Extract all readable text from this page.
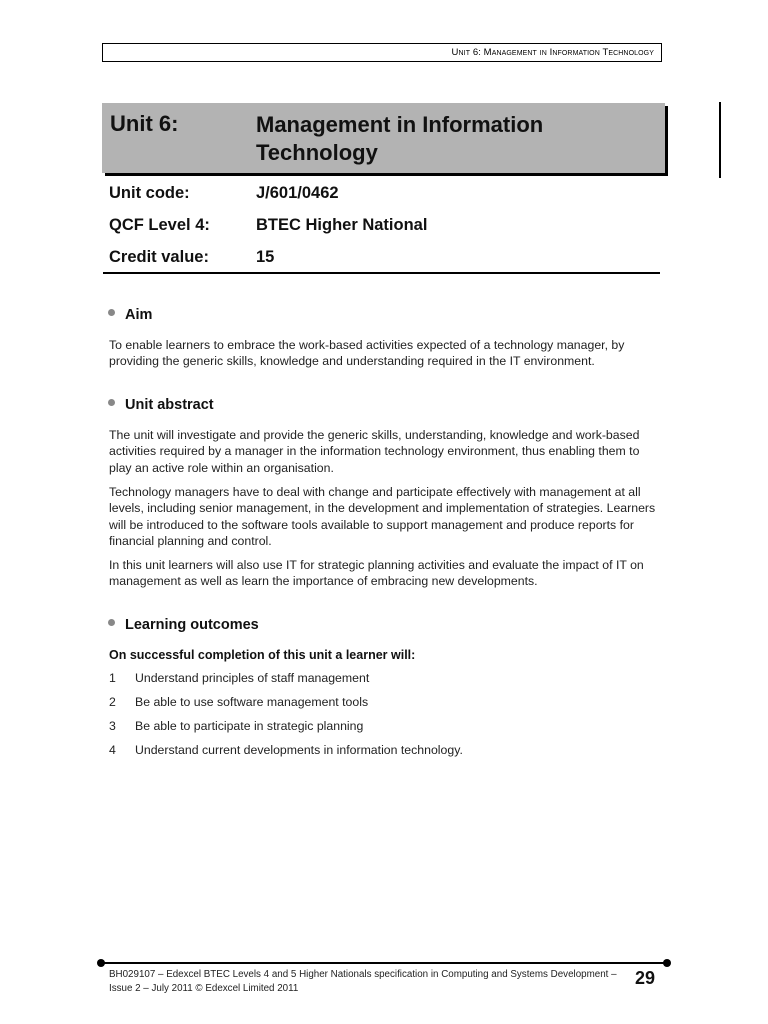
Unit 6: Management in Information Technology
Unit 6:	Management in Information Technology
Unit code:	J/601/0462
QCF Level 4:	BTEC Higher National
Credit value:	15
Aim

To enable learners to embrace the work-based activities expected of a technology manager, by providing the generic skills, knowledge and understanding required in the IT environment.

Unit abstract

The unit will investigate and provide the generic skills, understanding, knowledge and work-based activities required by a manager in the information technology environment, thus enabling them to play an active role within an organisation.

Technology managers have to deal with change and participate effectively with management at all levels, including senior management, in the development and implementation of strategies. Learners will be introduced to the software tools available to support management and produce reports for financial planning and control.

In this unit learners will also use IT for strategic planning activities and evaluate the impact of IT on management as well as learn the importance of embracing new developments.

Learning outcomes
On successful completion of this unit a learner will:
1 Understand principles of staff management
2 Be able to use software management tools
3 Be able to participate in strategic planning
4 Understand current developments in information technology.
BH029107 – Edexcel BTEC Levels 4 and 5 Higher Nationals specification in Computing and Systems Development –
Issue 2 – July 2011 © Edexcel Limited 2011
29
